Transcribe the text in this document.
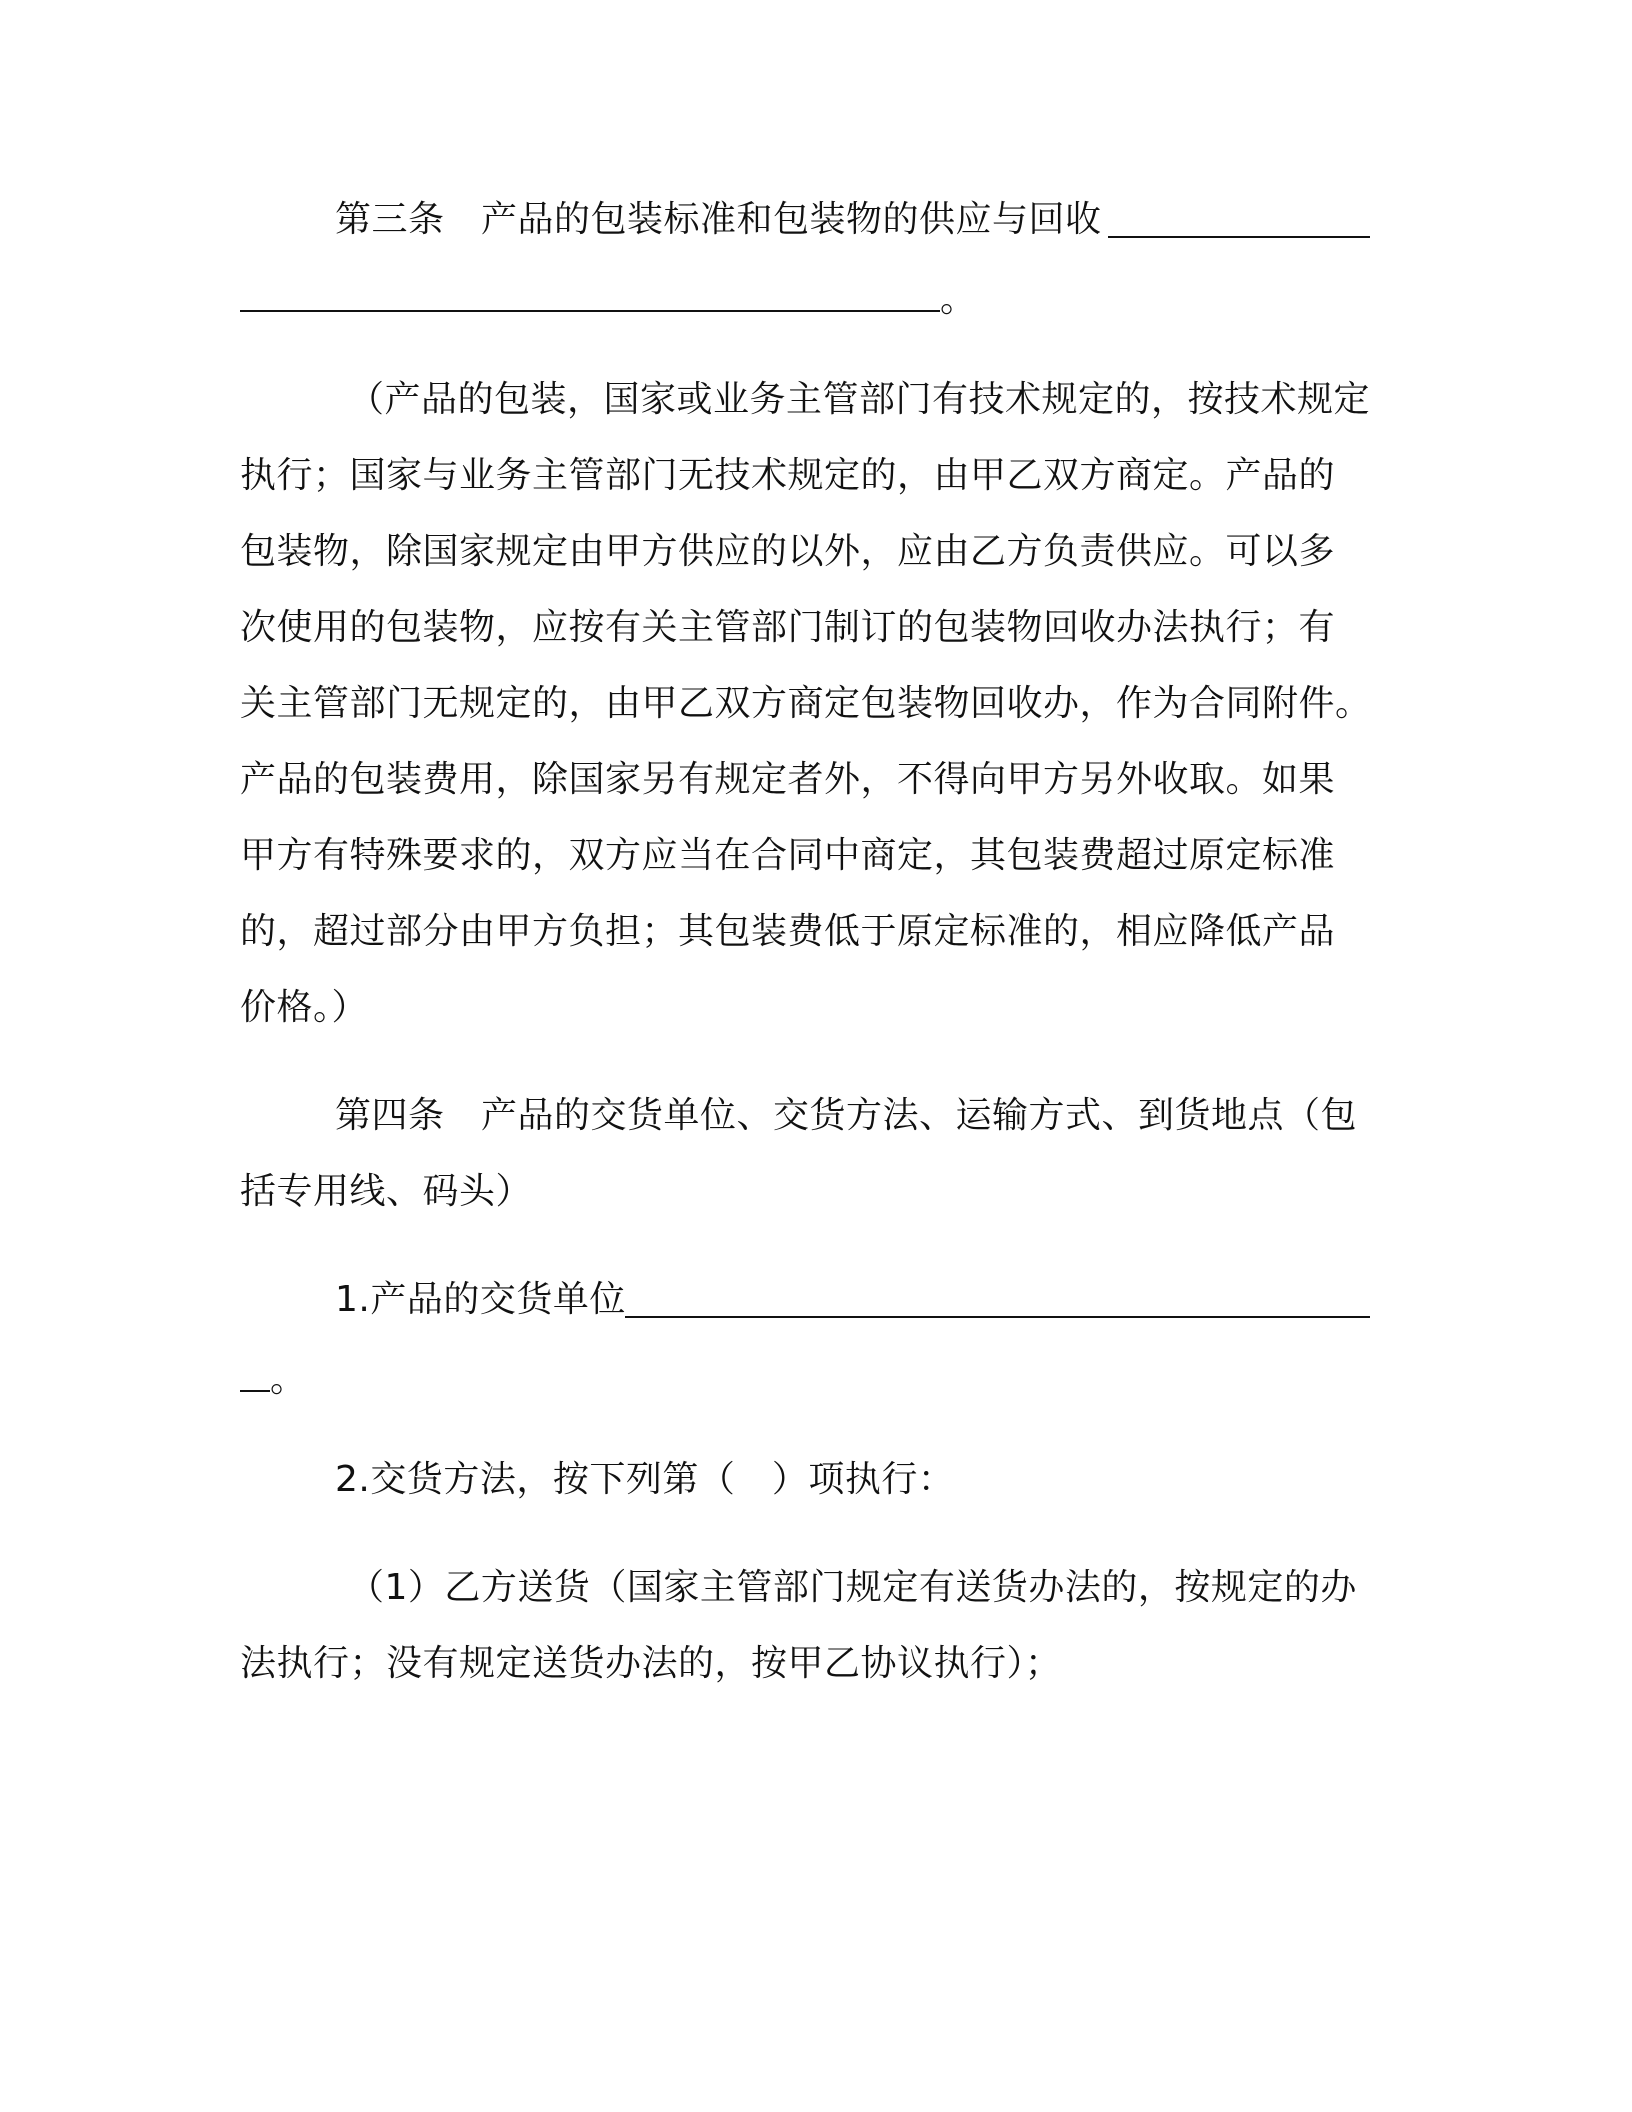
第三条　产品的包装标准和包装物的供应与回收
。
（产品的包装，国家或业务主管部门有技术规定的，按技术规定
执行；国家与业务主管部门无技术规定的，由甲乙双方商定。产品的
包装物，除国家规定由甲方供应的以外，应由乙方负责供应。可以多
次使用的包装物，应按有关主管部门制订的包装物回收办法执行；有
关主管部门无规定的，由甲乙双方商定包装物回收办，作为合同附件。
产品的包装费用，除国家另有规定者外，不得向甲方另外收取。如果
甲方有特殊要求的，双方应当在合同中商定，其包装费超过原定标准
的，超过部分由甲方负担；其包装费低于原定标准的，相应降低产品
价格。）
第四条　产品的交货单位、交货方法、运输方式、到货地点（包
括专用线、码头）
1.产品的交货单位
。
2.交货方法，按下列第（　）项执行：
（1）乙方送货（国家主管部门规定有送货办法的，按规定的办
法执行；没有规定送货办法的，按甲乙协议执行）；
